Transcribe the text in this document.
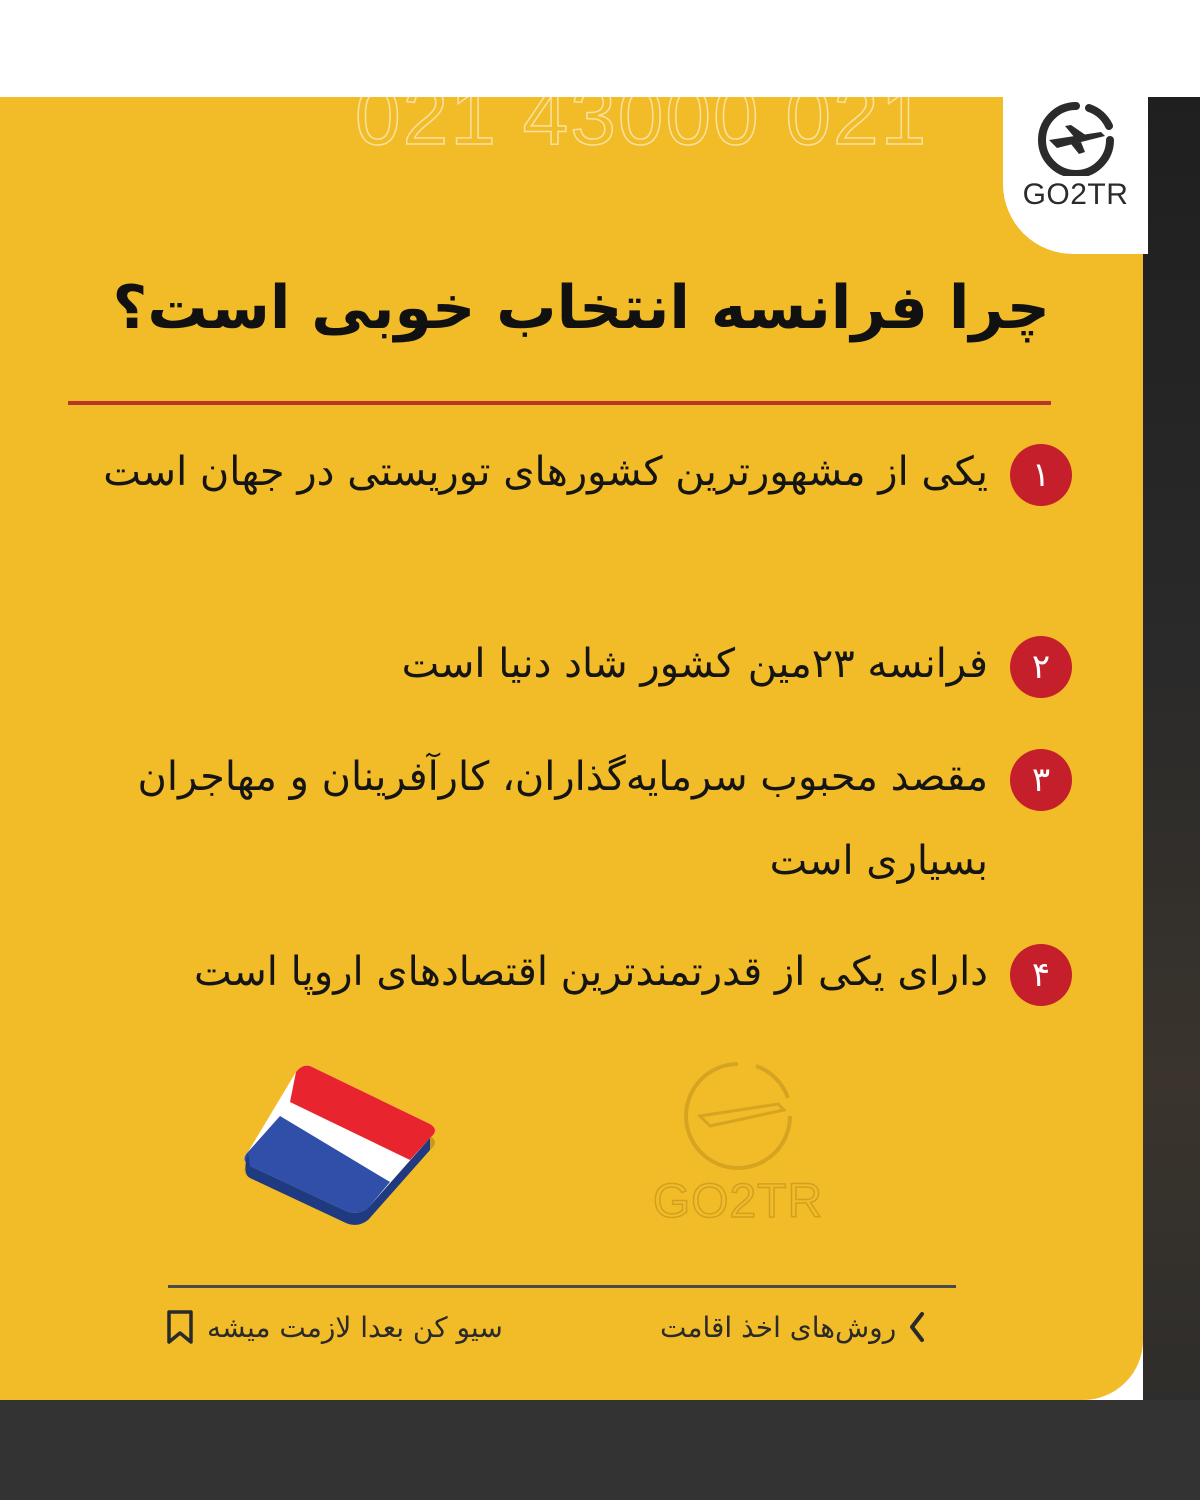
021 43000 021
GO2TR
چرا فرانسه انتخاب خوبی است؟
۱
یکی از مشهورترین کشورهای توریستی در جهان است
۲
فرانسه ۲۳مین کشور شاد دنیا است
۳
مقصد محبوب سرمایه‌گذاران، کارآفرینان و مهاجران بسیاری است
۴
دارای یکی از قدرتمندترین اقتصادهای اروپا است
GO2TR
سیو کن بعدا لازمت میشه	روش‌های اخذ اقامت
